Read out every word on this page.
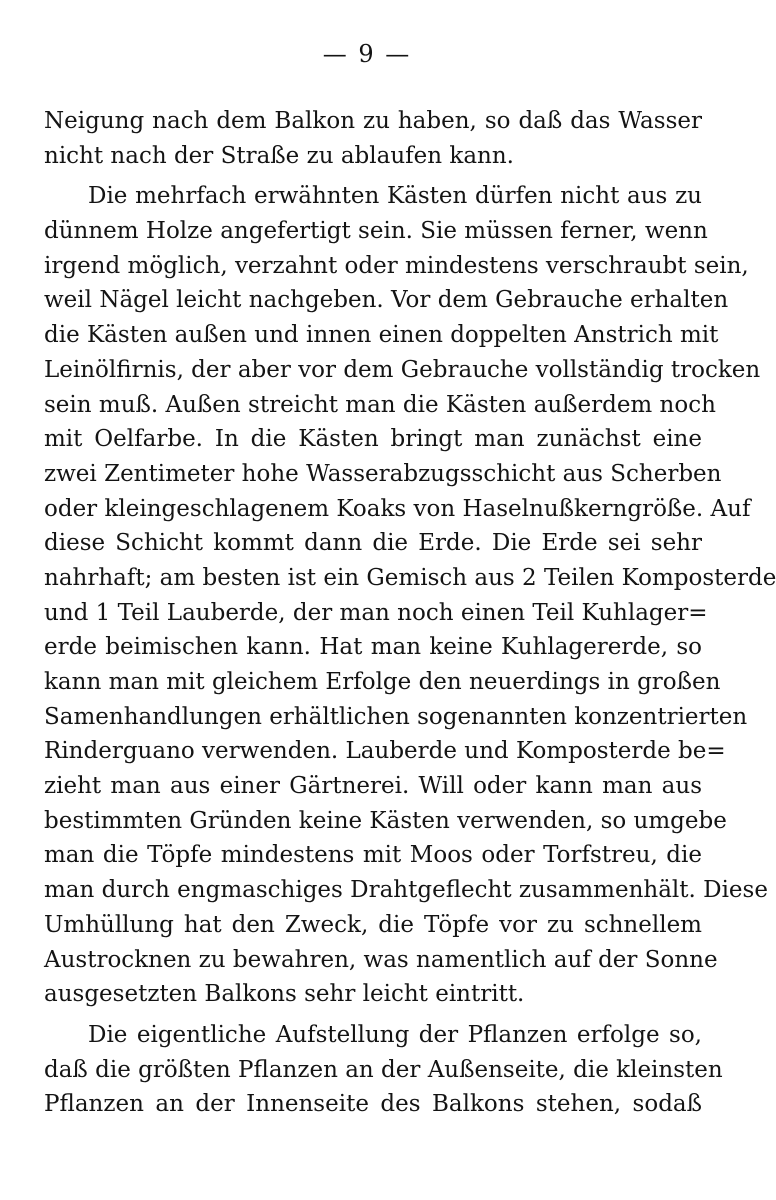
— 9 —
Neigung nach dem Balkon zu haben, so daß das Wasser
nicht nach der Straße zu ablaufen kann.
Die mehrfach erwähnten Kästen dürfen nicht aus zu
dünnem Holze angefertigt sein. Sie müssen ferner, wenn
irgend möglich, verzahnt oder mindestens verschraubt sein,
weil Nägel leicht nachgeben. Vor dem Gebrauche erhalten
die Kästen außen und innen einen doppelten Anstrich mit
Leinölfirnis, der aber vor dem Gebrauche vollständig trocken
sein muß. Außen streicht man die Kästen außerdem noch
mit Oelfarbe. In die Kästen bringt man zunächst eine
zwei Zentimeter hohe Wasserabzugsschicht aus Scherben
oder kleingeschlagenem Koaks von Haselnußkerngröße. Auf
diese Schicht kommt dann die Erde. Die Erde sei sehr
nahrhaft; am besten ist ein Gemisch aus 2 Teilen Komposterde
und 1 Teil Lauberde, der man noch einen Teil Kuhlager=
erde beimischen kann. Hat man keine Kuhlagererde, so
kann man mit gleichem Erfolge den neuerdings in großen
Samenhandlungen erhältlichen sogenannten konzentrierten
Rinderguano verwenden. Lauberde und Komposterde be=
zieht man aus einer Gärtnerei. Will oder kann man aus
bestimmten Gründen keine Kästen verwenden, so umgebe
man die Töpfe mindestens mit Moos oder Torfstreu, die
man durch engmaschiges Drahtgeflecht zusammenhält. Diese
Umhüllung hat den Zweck, die Töpfe vor zu schnellem
Austrocknen zu bewahren, was namentlich auf der Sonne
ausgesetzten Balkons sehr leicht eintritt.
Die eigentliche Aufstellung der Pflanzen erfolge so,
daß die größten Pflanzen an der Außenseite, die kleinsten
Pflanzen an der Innenseite des Balkons stehen, sodaß
